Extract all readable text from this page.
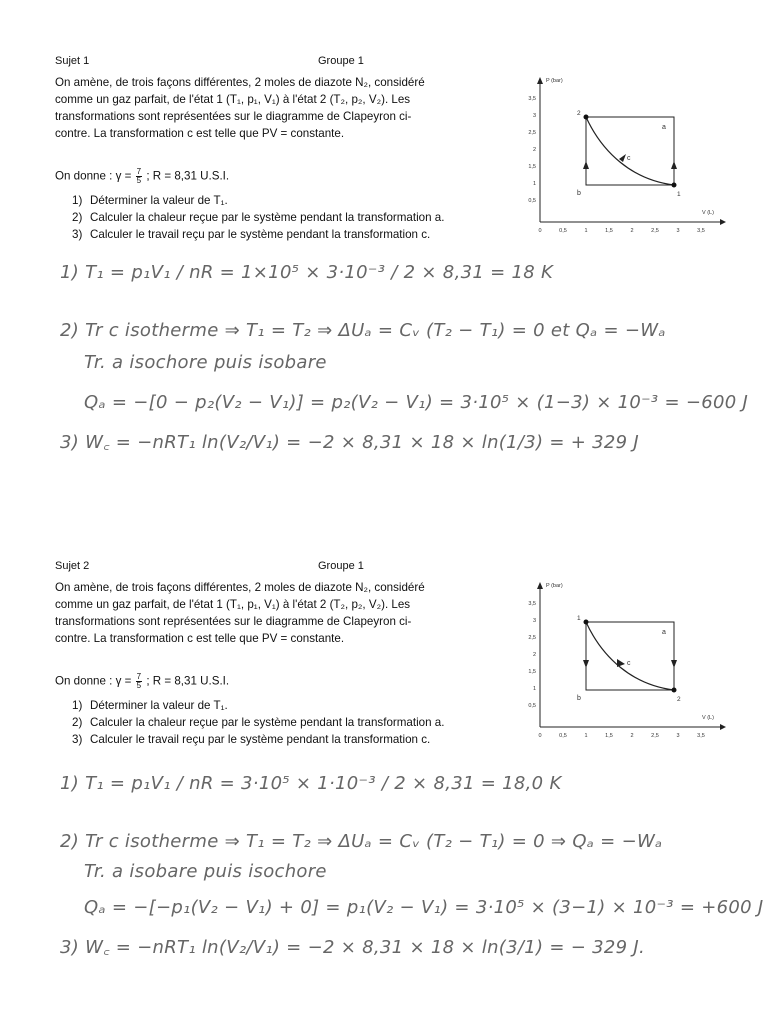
Sujet 1	Groupe 1

On amène, de trois façons différentes, 2 moles de diazote N₂, considéré

comme un gaz parfait, de l'état 1 (T₁, p₁, V₁) à l'état 2 (T₂, p₂, V₂). Les

transformations sont représentées sur le diagramme de Clapeyron ci-

contre. La transformation c est telle que PV = constante.

On donne : $\gamma = \frac{7}{5}$ ; R = 8,31 U.S.I.
1) Déterminer la valeur de T₁.
2) Calculer la chaleur reçue par le système pendant la transformation a.
3) Calculer le travail reçu par le système pendant la transformation c.
P (bar)
V (L)
3,5
3
2,5
2
1,5
1
0,5
0	0,5	1	1,5	2	2,5	3	3,5
2
1
a
b
c
1) T₁ = p₁V₁ / nR = 1×10⁵ × 3·10⁻³ / 2 × 8,31 = 18 K
2) Tr c isotherme ⇒ T₁ = T₂ ⇒ ΔUₐ = Cᵥ (T₂ − T₁) = 0 et Qₐ = −Wₐ
Tr. a isochore puis isobare
Qₐ = −[0 − p₂(V₂ − V₁)] = p₂(V₂ − V₁) = 3·10⁵ × (1−3) × 10⁻³ = −600 J
3) W꜀ = −nRT₁ ln(V₂/V₁) = −2 × 8,31 × 18 × ln(1/3) = + 329 J
Sujet 2	Groupe 1

On amène, de trois façons différentes, 2 moles de diazote N₂, considéré

comme un gaz parfait, de l'état 1 (T₁, p₁, V₁) à l'état 2 (T₂, p₂, V₂). Les

transformations sont représentées sur le diagramme de Clapeyron ci-

contre. La transformation c est telle que PV = constante.

On donne : $\gamma = \frac{7}{5}$ ; R = 8,31 U.S.I.
1) Déterminer la valeur de T₁.
2) Calculer la chaleur reçue par le système pendant la transformation a.
3) Calculer le travail reçu par le système pendant la transformation c.
P (bar)
V (L)
3,5
3
2,5
2
1,5
1
0,5
0	0,5	1	1,5	2	2,5	3	3,5
1
2
a
b
c
1) T₁ = p₁V₁ / nR = 3·10⁵ × 1·10⁻³ / 2 × 8,31 = 18,0 K
2) Tr c isotherme ⇒ T₁ = T₂ ⇒ ΔUₐ = Cᵥ (T₂ − T₁) = 0 ⇒ Qₐ = −Wₐ
Tr. a isobare puis isochore
Qₐ = −[−p₁(V₂ − V₁) + 0] = p₁(V₂ − V₁) = 3·10⁵ × (3−1) × 10⁻³ = +600 J
3) W꜀ = −nRT₁ ln(V₂/V₁) = −2 × 8,31 × 18 × ln(3/1) = − 329 J.
